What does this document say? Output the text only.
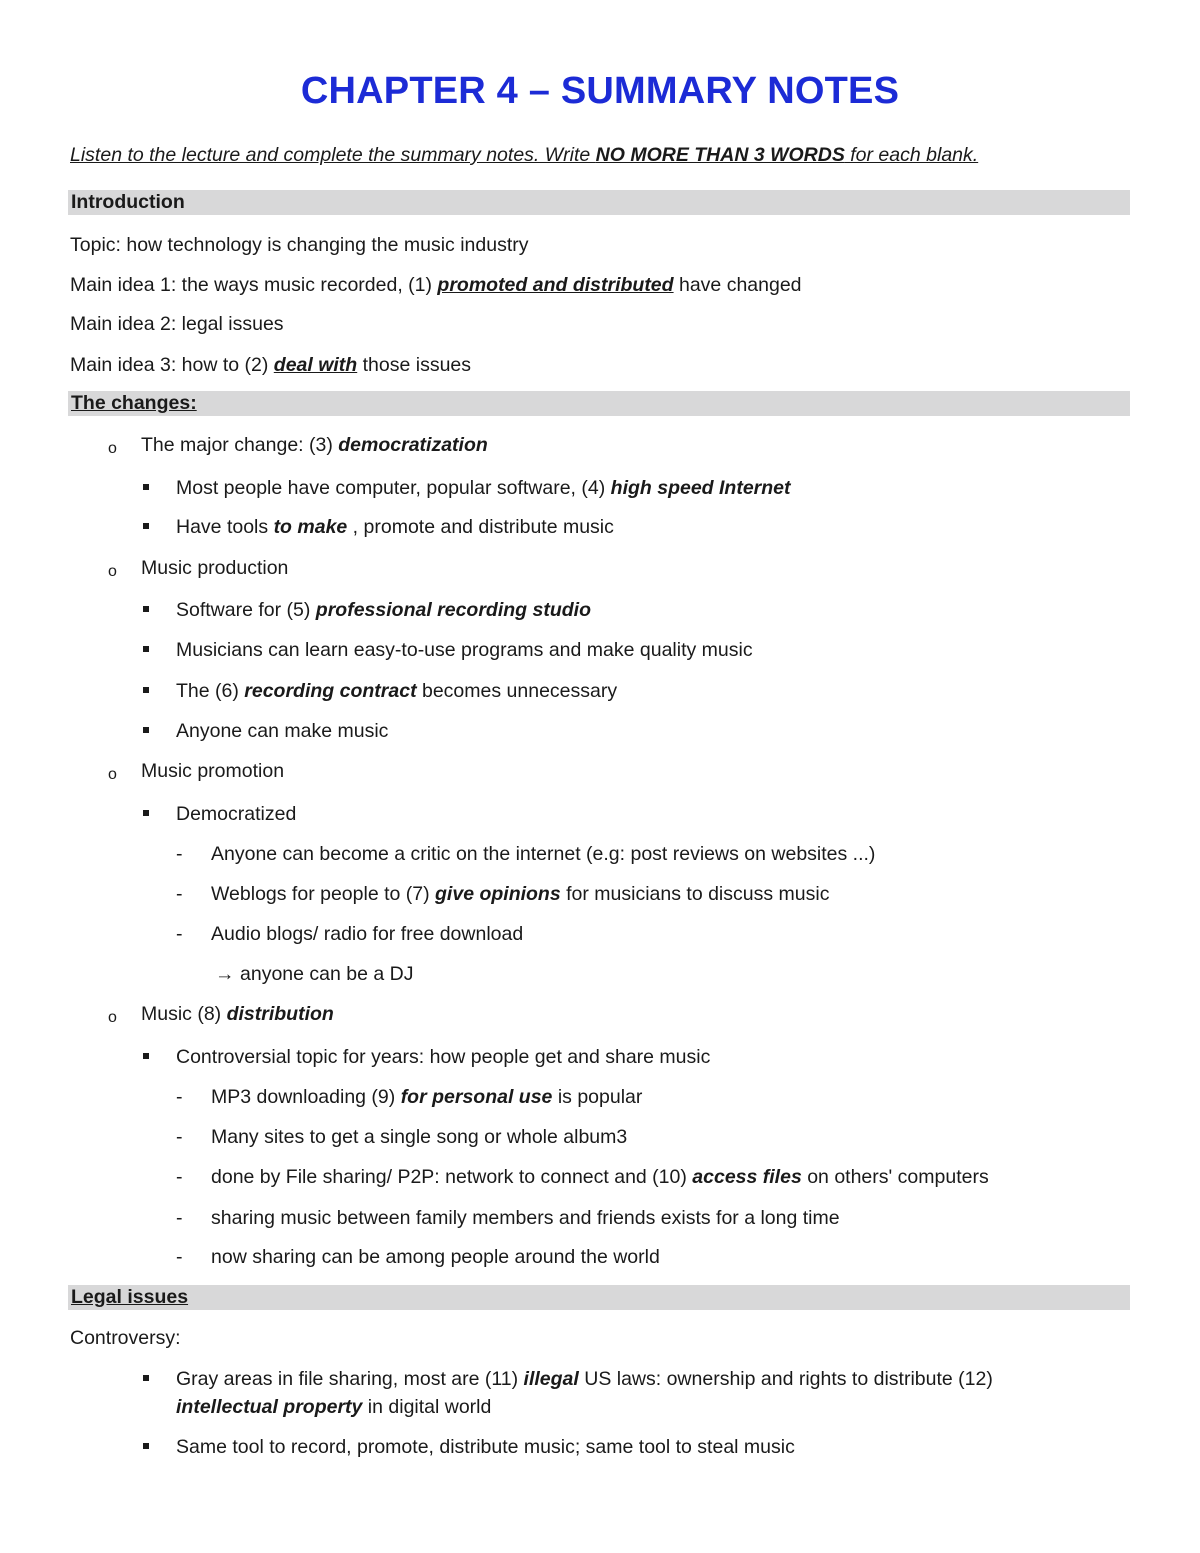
CHAPTER 4 – SUMMARY NOTES
Listen to the lecture and complete the summary notes. Write NO MORE THAN 3 WORDS for each blank.
Introduction
Topic: how technology is changing the music industry
Main idea 1: the ways music recorded, (1) promoted and distributed have changed
Main idea 2: legal issues
Main idea 3: how to (2) deal with those issues
The changes:
o The major change: (3) democratization
Most people have computer, popular software, (4) high speed Internet
Have tools to make , promote and distribute music
o Music production
Software for (5) professional recording studio
Musicians can learn easy-to-use programs and make quality music
The (6) recording contract becomes unnecessary
Anyone can make music
o Music promotion
Democratized
- Anyone can become a critic on the internet (e.g: post reviews on websites ...)
- Weblogs for people to (7) give opinions for musicians to discuss music
- Audio blogs/ radio for free download
→ anyone can be a DJ
o Music (8) distribution
Controversial topic for years: how people get and share music
- MP3 downloading (9) for personal use is popular
- Many sites to get a single song or whole album3
- done by File sharing/ P2P: network to connect and (10) access files on others' computers
- sharing music between family members and friends exists for a long time
- now sharing can be among people around the world
Legal issues
Controversy:
Gray areas in file sharing, most are (11) illegal US laws: ownership and rights to distribute (12)
intellectual property in digital world
Same tool to record, promote, distribute music; same tool to steal music
